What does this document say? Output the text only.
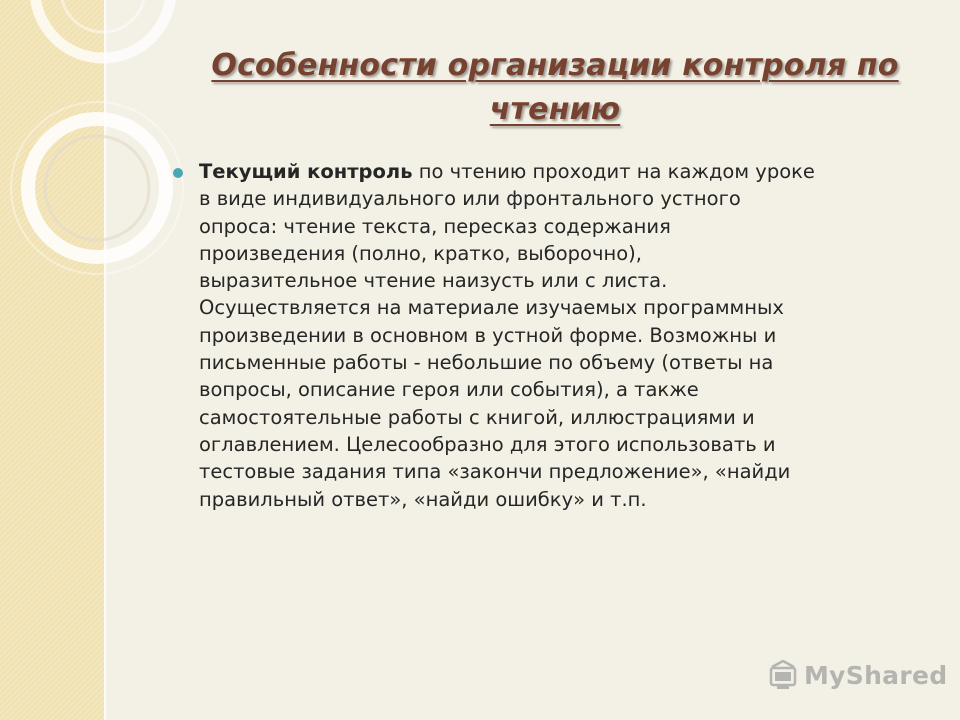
Особенности организации контроля по
чтению

Текущий контроль по чтению проходит на каждом уроке
в виде индивидуального или фронтального устного
опроса: чтение текста, пересказ содержания
произведения (полно, кратко, выборочно),
выразительное чтение наизусть или с листа.
Осуществляется на материале изучаемых программных
произведении в основном в устной форме. Возможны и
письменные работы - небольшие по объему (ответы на
вопросы, описание героя или события), а также
самостоятельные работы с книгой, иллюстрациями и
оглавлением. Целесообразно для этого использовать и
тестовые задания типа «закончи предложение», «найди
правильный ответ», «найди ошибку» и т.п.

MyShared
